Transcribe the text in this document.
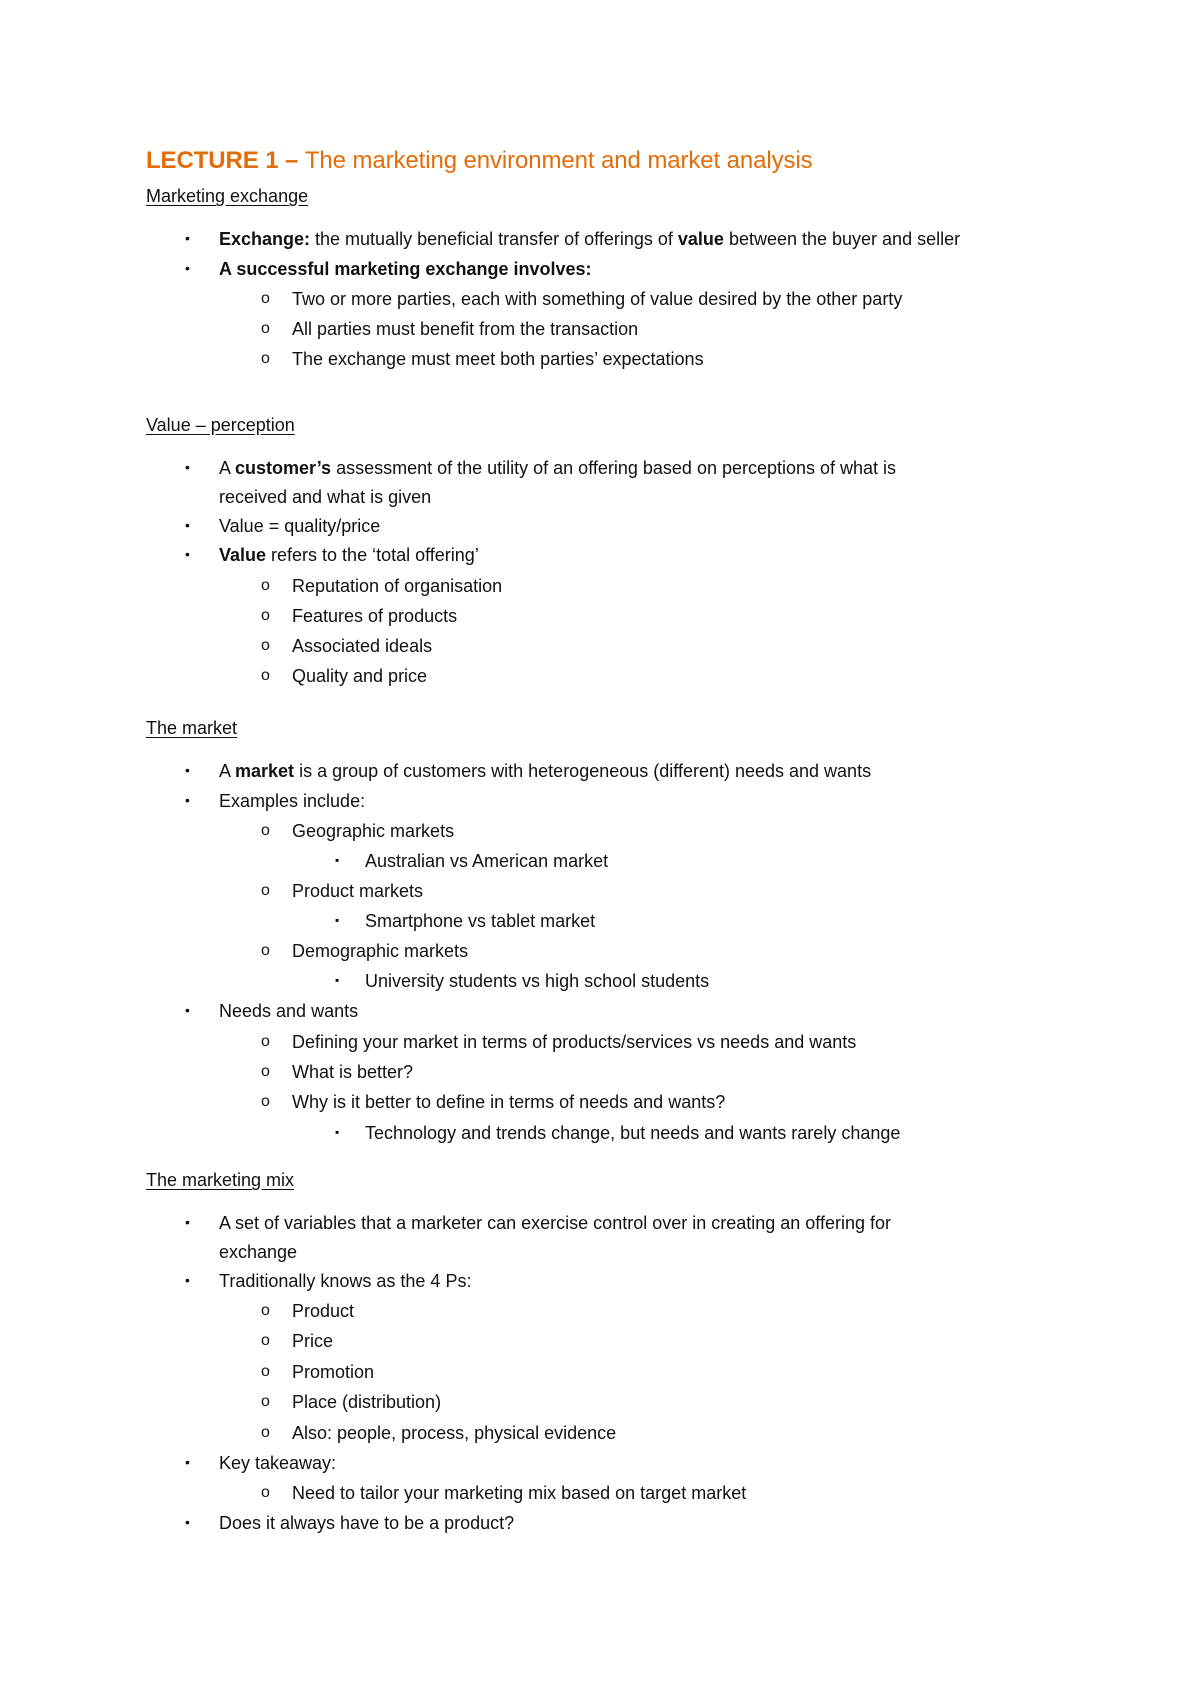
LECTURE 1 – The marketing environment and market analysis
Marketing exchange
• Exchange: the mutually beneficial transfer of offerings of value between the buyer and seller
• A successful marketing exchange involves:
o Two or more parties, each with something of value desired by the other party
o All parties must benefit from the transaction
o The exchange must meet both parties’ expectations
Value – perception
• A customer’s assessment of the utility of an offering based on perceptions of what is
received and what is given
• Value = quality/price
• Value refers to the ‘total offering’
o Reputation of organisation
o Features of products
o Associated ideals
o Quality and price
The market
• A market is a group of customers with heterogeneous (different) needs and wants
• Examples include:
o Geographic markets
▪ Australian vs American market
o Product markets
▪ Smartphone vs tablet market
o Demographic markets
▪ University students vs high school students
• Needs and wants
o Defining your market in terms of products/services vs needs and wants
o What is better?
o Why is it better to define in terms of needs and wants?
▪ Technology and trends change, but needs and wants rarely change
The marketing mix
• A set of variables that a marketer can exercise control over in creating an offering for
exchange
• Traditionally knows as the 4 Ps:
o Product
o Price
o Promotion
o Place (distribution)
o Also: people, process, physical evidence
• Key takeaway:
o Need to tailor your marketing mix based on target market
• Does it always have to be a product?
